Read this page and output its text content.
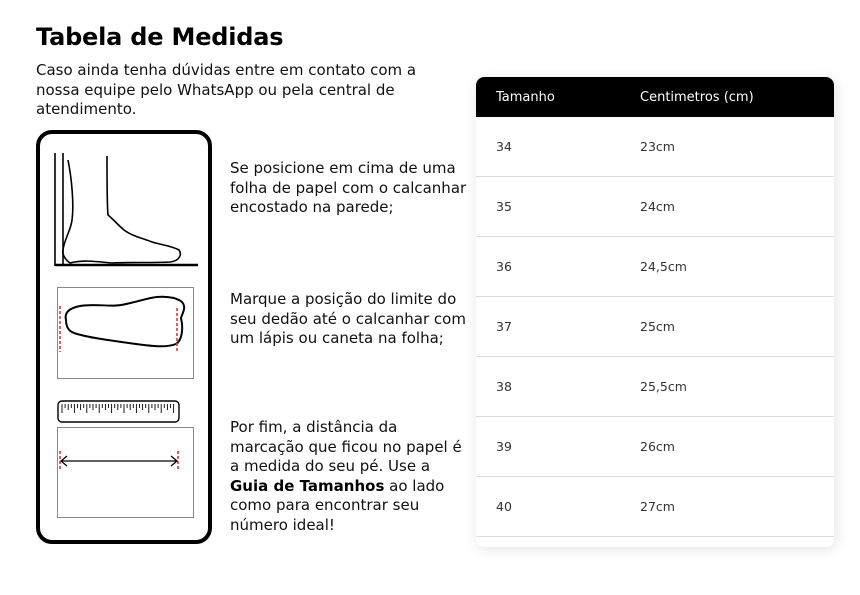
Tabela de Medidas
Caso ainda tenha dúvidas entre em contato com a nossa equipe pelo WhatsApp ou pela central de atendimento.
Se posicione em cima de uma folha de papel com o calcanhar encostado na parede;
Marque a posição do limite do seu dedão até o calcanhar com um lápis ou caneta na folha;
Por fim, a distância da marcação que ficou no papel é a medida do seu pé. Use a Guia de Tamanhos ao lado como para encontrar seu número ideal!
Tamanho	Centimetros (cm)
34	23cm
35	24cm
36	24,5cm
37	25cm
38	25,5cm
39	26cm
40	27cm
